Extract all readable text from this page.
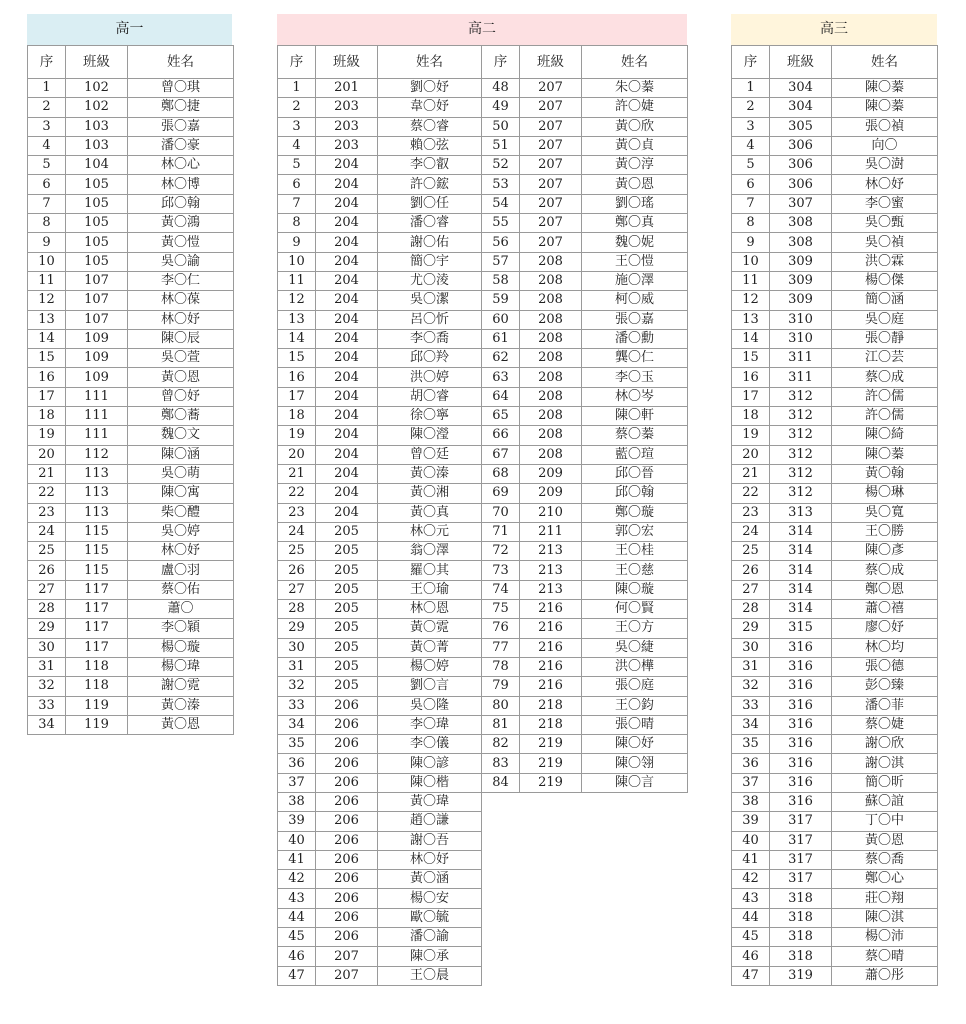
高一
序	班級	姓名
1	102	曾〇琪
2	102	鄭〇捷
3	103	張〇嘉
4	103	潘〇豪
5	104	林〇心
6	105	林〇博
7	105	邱〇翰
8	105	黃〇鴻
9	105	黃〇愷
10	105	吳〇諭
11	107	李〇仁
12	107	林〇葆
13	107	林〇妤
14	109	陳〇辰
15	109	吳〇萱
16	109	黃〇恩
17	111	曾〇妤
18	111	鄭〇蕎
19	111	魏〇文
20	112	陳〇涵
21	113	吳〇萌
22	113	陳〇寓
23	113	柴〇醴
24	115	吳〇婷
25	115	林〇妤
26	115	盧〇羽
27	117	蔡〇佑
28	117	蕭〇
29	117	李〇穎
30	117	楊〇璇
31	118	楊〇瑋
32	118	謝〇霓
33	119	黃〇溱
34	119	黃〇恩
高二
序	班級	姓名	序	班級	姓名
1	201	劉〇妤	48	207	朱〇蓁
2	203	韋〇妤	49	207	許〇婕
3	203	蔡〇睿	50	207	黃〇欣
4	203	賴〇弦	51	207	黃〇貞
5	204	李〇叡	52	207	黃〇淳
6	204	許〇鋐	53	207	黃〇恩
7	204	劉〇任	54	207	劉〇瑤
8	204	潘〇睿	55	207	鄭〇真
9	204	謝〇佑	56	207	魏〇妮
10	204	簡〇宇	57	208	王〇愷
11	204	尤〇淩	58	208	施〇澤
12	204	吳〇潔	59	208	柯〇威
13	204	呂〇忻	60	208	張〇嘉
14	204	李〇喬	61	208	潘〇勳
15	204	邱〇羚	62	208	龔〇仁
16	204	洪〇婷	63	208	李〇玉
17	204	胡〇睿	64	208	林〇岑
18	204	徐〇寧	65	208	陳〇軒
19	204	陳〇瀅	66	208	蔡〇蓁
20	204	曾〇廷	67	208	藍〇瑄
21	204	黃〇溱	68	209	邱〇晉
22	204	黃〇湘	69	209	邱〇翰
23	204	黃〇真	70	210	鄭〇璇
24	205	林〇元	71	211	郭〇宏
25	205	翁〇澤	72	213	王〇桂
26	205	羅〇其	73	213	王〇慈
27	205	王〇瑜	74	213	陳〇璇
28	205	林〇恩	75	216	何〇賢
29	205	黃〇霓	76	216	王〇方
30	205	黃〇菁	77	216	吳〇緁
31	205	楊〇婷	78	216	洪〇樺
32	205	劉〇言	79	216	張〇庭
33	206	吳〇隆	80	218	王〇鈞
34	206	李〇瑋	81	218	張〇晴
35	206	李〇儀	82	219	陳〇妤
36	206	陳〇諺	83	219	陳〇翎
37	206	陳〇楷	84	219	陳〇言
38	206	黃〇瑋			
39	206	趙〇謙			
40	206	謝〇吾			
41	206	林〇妤			
42	206	黃〇涵			
43	206	楊〇安			
44	206	歐〇毓			
45	206	潘〇諭			
46	207	陳〇承			
47	207	王〇晨			
高三
序	班級	姓名
1	304	陳〇蓁
2	304	陳〇蓁
3	305	張〇禎
4	306	向〇
5	306	吳〇澍
6	306	林〇妤
7	307	李〇蜜
8	308	吳〇甄
9	308	吳〇禎
10	309	洪〇霖
11	309	楊〇傑
12	309	簡〇涵
13	310	吳〇庭
14	310	張〇靜
15	311	江〇芸
16	311	蔡〇成
17	312	許〇儒
18	312	許〇儒
19	312	陳〇綺
20	312	陳〇蓁
21	312	黃〇翰
22	312	楊〇琳
23	313	吳〇寬
24	314	王〇勝
25	314	陳〇彥
26	314	蔡〇成
27	314	鄭〇恩
28	314	蕭〇禧
29	315	廖〇妤
30	316	林〇均
31	316	張〇德
32	316	彭〇臻
33	316	潘〇菲
34	316	蔡〇婕
35	316	謝〇欣
36	316	謝〇淇
37	316	簡〇昕
38	316	蘇〇誼
39	317	丁〇中
40	317	黃〇恩
41	317	蔡〇喬
42	317	鄭〇心
43	318	莊〇翔
44	318	陳〇淇
45	318	楊〇沛
46	318	蔡〇晴
47	319	蕭〇彤
